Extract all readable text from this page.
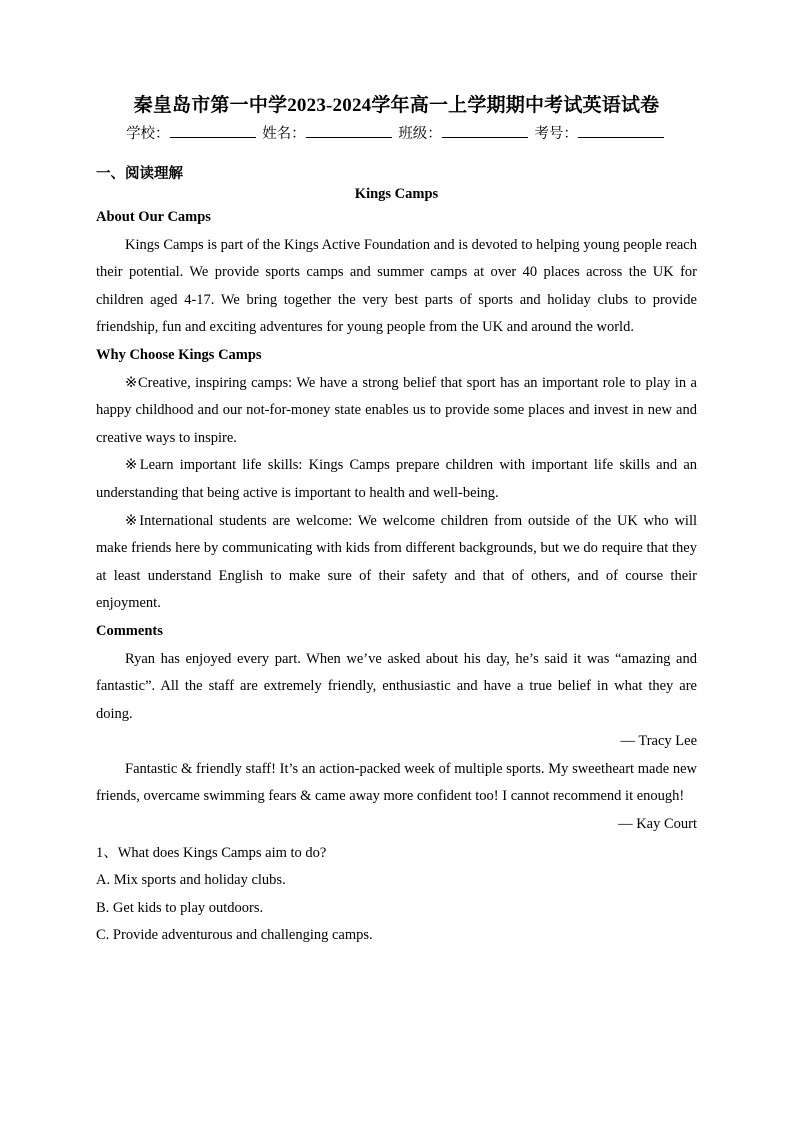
秦皇岛市第一中学2023-2024学年高一上学期期中考试英语试卷
学校：	姓名：	班级：	考号：
一、阅读理解
Kings Camps
About Our Camps

Kings Camps is part of the Kings Active Foundation and is devoted to helping young people reach their potential. We provide sports camps and summer camps at over 40 places across the UK for children aged 4-17. We bring together the very best parts of sports and holiday clubs to provide friendship, fun and exciting adventures for young people from the UK and around the world.

Why Choose Kings Camps

※Creative, inspiring camps: We have a strong belief that sport has an important role to play in a happy childhood and our not-for-money state enables us to provide some places and invest in new and creative ways to inspire.

※Learn important life skills: Kings Camps prepare children with important life skills and an understanding that being active is important to health and well-being.

※International students are welcome: We welcome children from outside of the UK who will make friends here by communicating with kids from different backgrounds, but we do require that they at least understand English to make sure of their safety and that of others, and of course their enjoyment.

Comments

Ryan has enjoyed every part. When we’ve asked about his day, he’s said it was “amazing and fantastic”. All the staff are extremely friendly, enthusiastic and have a true belief in what they are doing.

— Tracy Lee

Fantastic & friendly staff! It’s an action-packed week of multiple sports. My sweetheart made new friends, overcame swimming fears & came away more confident too! I cannot recommend it enough!

— Kay Court

1、What does Kings Camps aim to do?
A. Mix sports and holiday clubs.
B. Get kids to play outdoors.
C. Provide adventurous and challenging camps.
